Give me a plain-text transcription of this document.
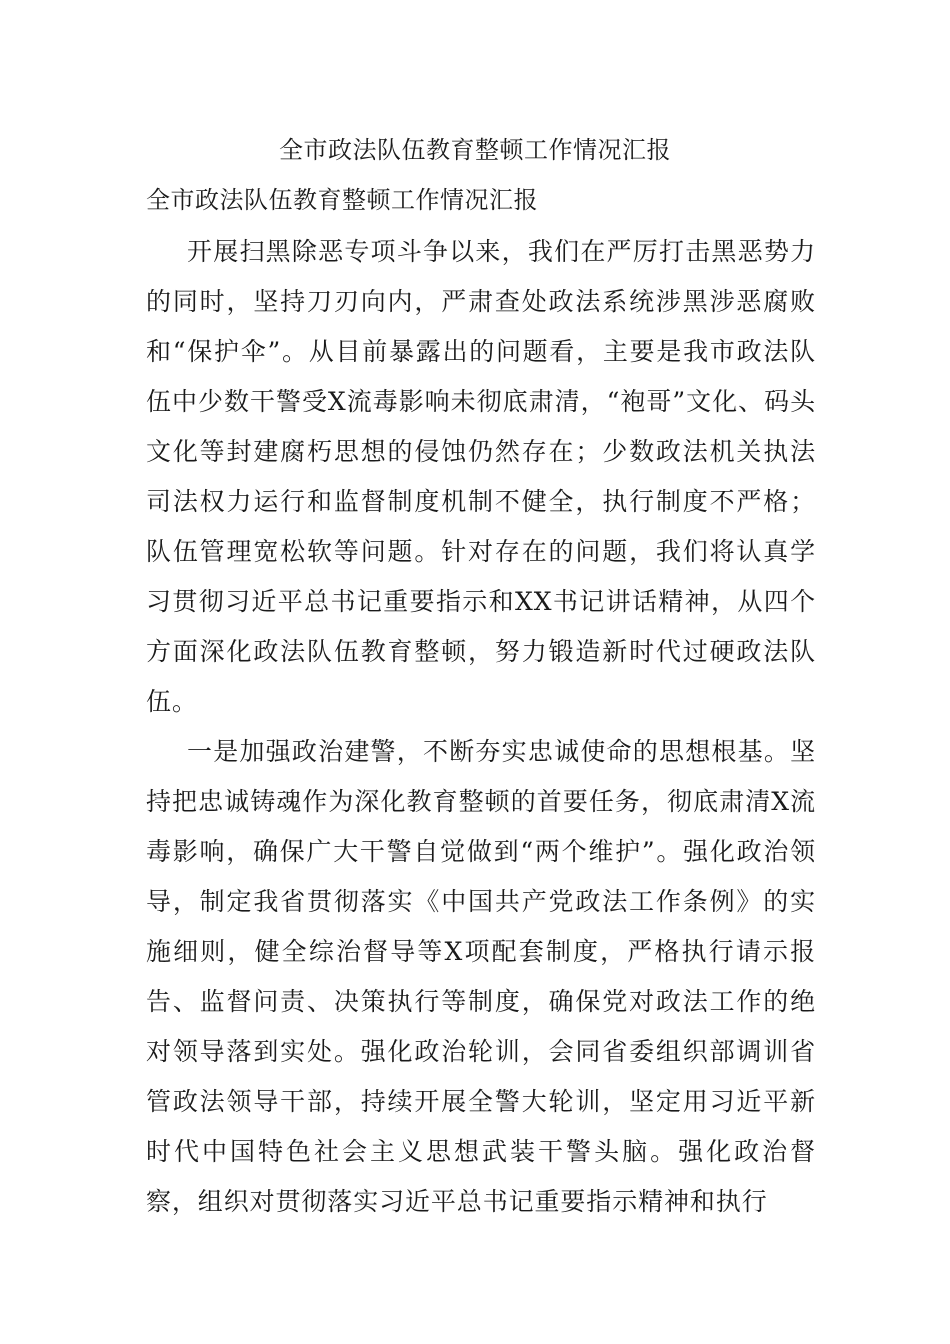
全市政法队伍教育整顿工作情况汇报
全市政法队伍教育整顿工作情况汇报

开展扫黑除恶专项斗争以来，我们在严厉打击黑恶势力的同时，坚持刀刃向内，严肃查处政法系统涉黑涉恶腐败和“保护伞”。从目前暴露出的问题看，主要是我市政法队伍中少数干警受X流毒影响未彻底肃清，“袍哥”文化、码头文化等封建腐朽思想的侵蚀仍然存在；少数政法机关执法司法权力运行和监督制度机制不健全，执行制度不严格；队伍管理宽松软等问题。针对存在的问题，我们将认真学习贯彻习近平总书记重要指示和XX书记讲话精神，从四个方面深化政法队伍教育整顿，努力锻造新时代过硬政法队伍。

一是加强政治建警，不断夯实忠诚使命的思想根基。坚持把忠诚铸魂作为深化教育整顿的首要任务，彻底肃清X流毒影响，确保广大干警自觉做到“两个维护”。强化政治领导，制定我省贯彻落实《中国共产党政法工作条例》的实施细则，健全综治督导等X项配套制度，严格执行请示报告、监督问责、决策执行等制度，确保党对政法工作的绝对领导落到实处。强化政治轮训，会同省委组织部调训省管政法领导干部，持续开展全警大轮训，坚定用习近平新时代中国特色社会主义思想武装干警头脑。强化政治督察，组织对贯彻落实习近平总书记重要指示精神和执行
